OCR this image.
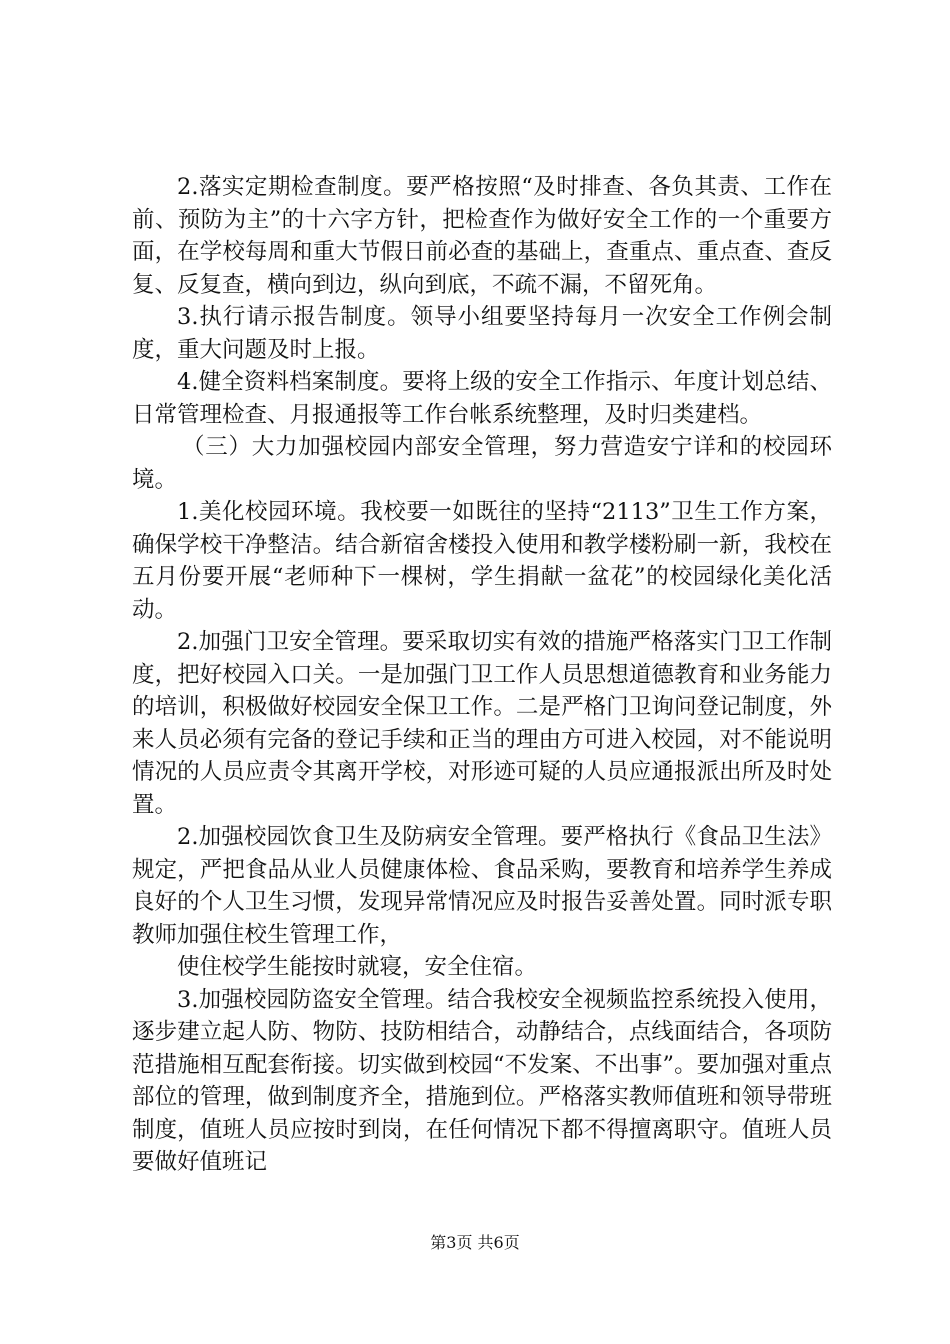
2.落实定期检查制度。要严格按照“及时排查、各负其责、工作在前、预防为主”的十六字方针，把检查作为做好安全工作的一个重要方面，在学校每周和重大节假日前必查的基础上，查重点、重点查、查反复、反复查，横向到边，纵向到底，不疏不漏，不留死角。

3.执行请示报告制度。领导小组要坚持每月一次安全工作例会制度，重大问题及时上报。

4.健全资料档案制度。要将上级的安全工作指示、年度计划总结、日常管理检查、月报通报等工作台帐系统整理，及时归类建档。

（三）大力加强校园内部安全管理，努力营造安宁详和的校园环境。

1.美化校园环境。我校要一如既往的坚持“2113”卫生工作方案，确保学校干净整洁。结合新宿舍楼投入使用和教学楼粉刷一新，我校在五月份要开展“老师种下一棵树，学生捐献一盆花”的校园绿化美化活动。

2.加强门卫安全管理。要采取切实有效的措施严格落实门卫工作制度，把好校园入口关。一是加强门卫工作人员思想道德教育和业务能力的培训，积极做好校园安全保卫工作。二是严格门卫询问登记制度，外来人员必须有完备的登记手续和正当的理由方可进入校园，对不能说明情况的人员应责令其离开学校，对形迹可疑的人员应通报派出所及时处置。

2.加强校园饮食卫生及防病安全管理。要严格执行《食品卫生法》规定，严把食品从业人员健康体检、食品采购，要教育和培养学生养成良好的个人卫生习惯，发现异常情况应及时报告妥善处置。同时派专职教师加强住校生管理工作，

使住校学生能按时就寝，安全住宿。

3.加强校园防盗安全管理。结合我校安全视频监控系统投入使用，逐步建立起人防、物防、技防相结合，动静结合，点线面结合，各项防范措施相互配套衔接。切实做到校园“不发案、不出事”。要加强对重点部位的管理，做到制度齐全，措施到位。严格落实教师值班和领导带班制度，值班人员应按时到岗，在任何情况下都不得擅离职守。值班人员要做好值班记

第3页 共6页
